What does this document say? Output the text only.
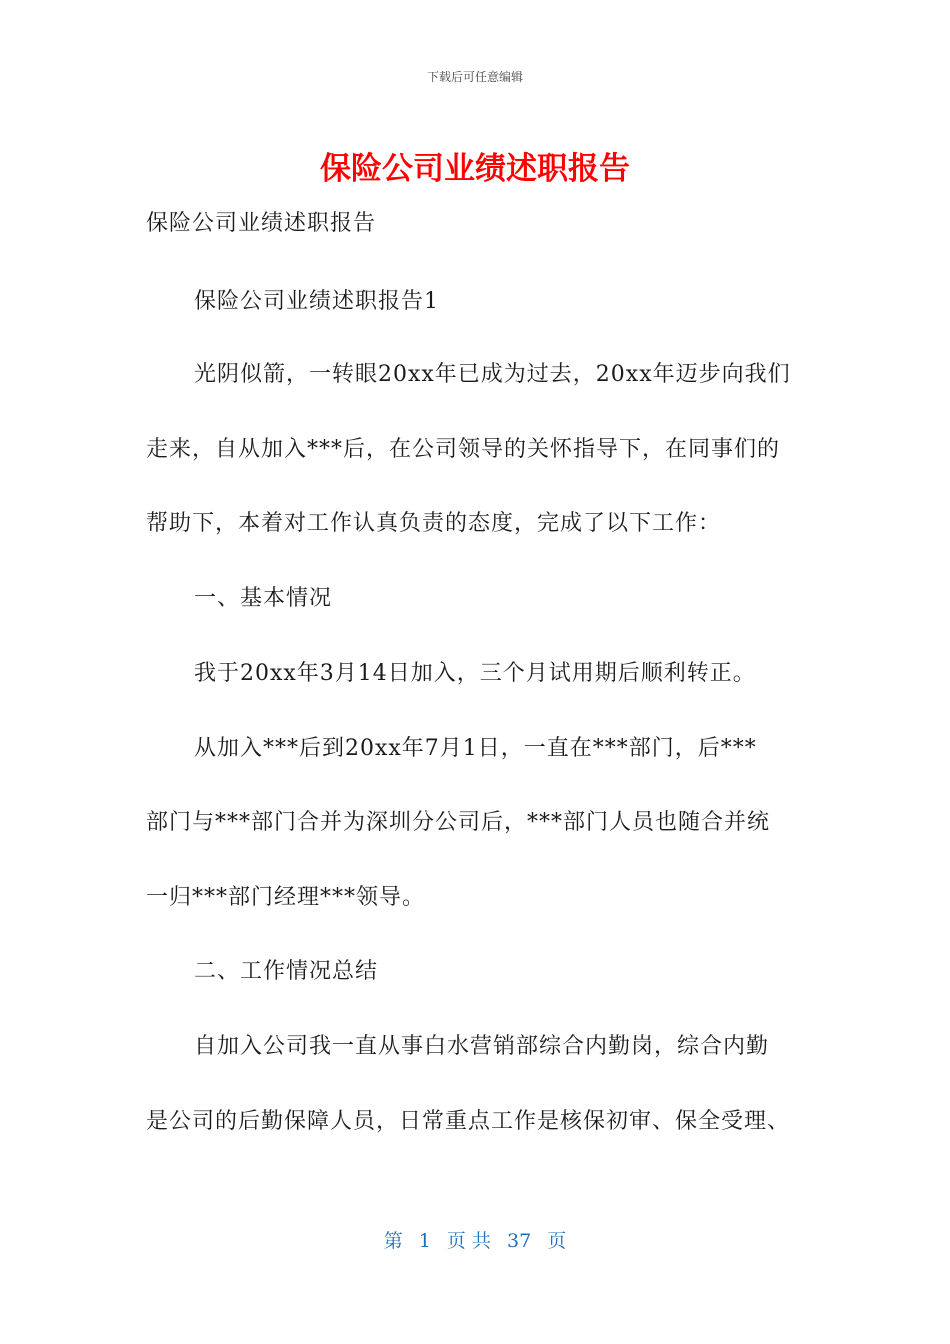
下载后可任意编辑
保险公司业绩述职报告
保险公司业绩述职报告
保险公司业绩述职报告1
光阴似箭，一转眼20xx年已成为过去，20xx年迈步向我们
走来，自从加入***后，在公司领导的关怀指导下，在同事们的
帮助下，本着对工作认真负责的态度，完成了以下工作：
一、基本情况
我于20xx年3月14日加入，三个月试用期后顺利转正。
从加入***后到20xx年7月1日，一直在***部门，后***
部门与***部门合并为深圳分公司后，***部门人员也随合并统
一归***部门经理***领导。
二、工作情况总结
自加入公司我一直从事白水营销部综合内勤岗，综合内勤
是公司的后勤保障人员，日常重点工作是核保初审、保全受理、
第 1 页 共 37 页
